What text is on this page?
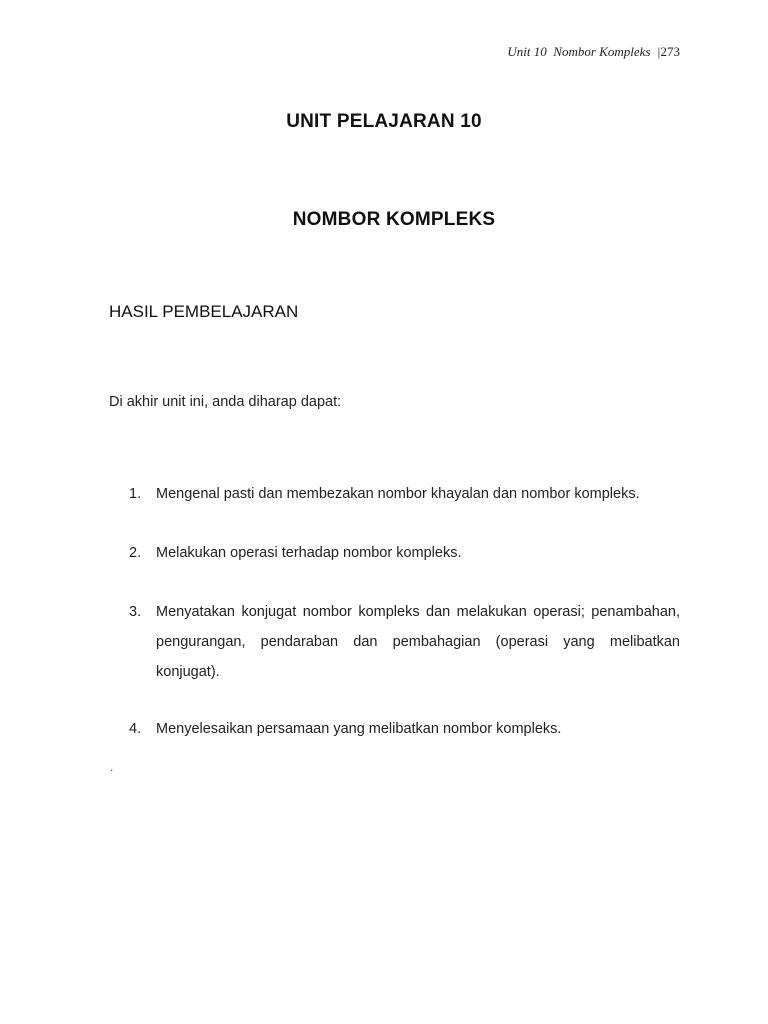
Unit 10  Nombor Kompleks  |273
UNIT PELAJARAN 10
NOMBOR KOMPLEKS
HASIL PEMBELAJARAN
Di akhir unit ini, anda diharap dapat:
1.	Mengenal pasti dan membezakan nombor khayalan dan nombor kompleks.
2.	Melakukan operasi terhadap nombor kompleks.
3.	Menyatakan konjugat nombor kompleks dan melakukan operasi; penambahan, pengurangan, pendaraban dan pembahagian (operasi yang melibatkan konjugat).
4.	Menyelesaikan persamaan yang melibatkan nombor kompleks.
.
